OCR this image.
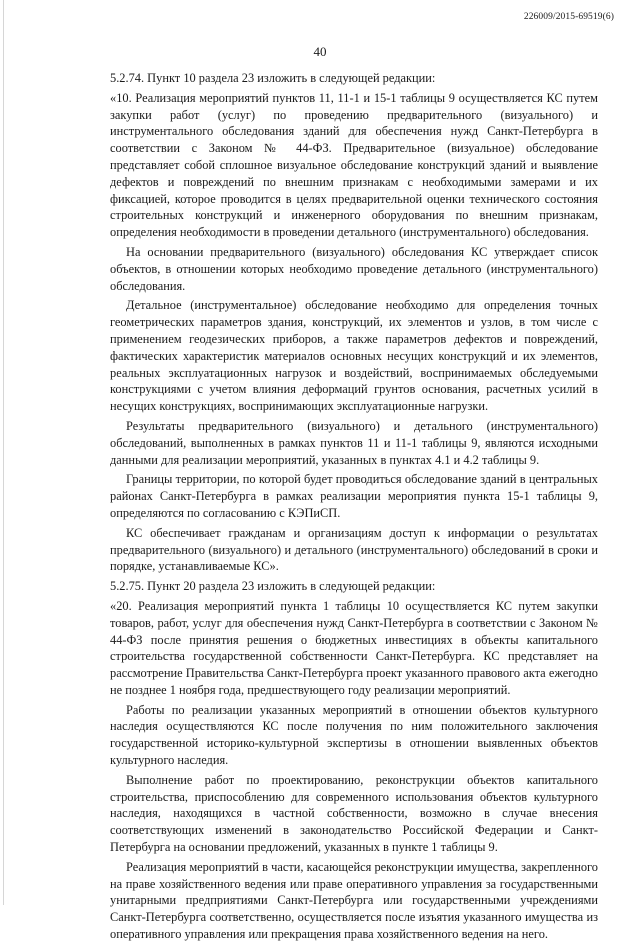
226009/2015-69519(6)
40

5.2.74. Пункт 10 раздела 23 изложить в следующей редакции:

«10. Реализация мероприятий пунктов 11, 11-1 и 15-1 таблицы 9 осуществляется КС путем закупки работ (услуг) по проведению предварительного (визуального) и инструментального обследования зданий для обеспечения нужд Санкт-Петербурга в соответствии с Законом № 44-ФЗ. Предварительное (визуальное) обследование представляет собой сплошное визуальное обследование конструкций зданий и выявление дефектов и повреждений по внешним признакам с необходимыми замерами и их фиксацией, которое проводится в целях предварительной оценки технического состояния строительных конструкций и инженерного оборудования по внешним признакам, определения необходимости в проведении детального (инструментального) обследования.

На основании предварительного (визуального) обследования КС утверждает список объектов, в отношении которых необходимо проведение детального (инструментального) обследования.

Детальное (инструментальное) обследование необходимо для определения точных геометрических параметров здания, конструкций, их элементов и узлов, в том числе с применением геодезических приборов, а также параметров дефектов и повреждений, фактических характеристик материалов основных несущих конструкций и их элементов, реальных эксплуатационных нагрузок и воздействий, воспринимаемых обследуемыми конструкциями с учетом влияния деформаций грунтов основания, расчетных усилий в несущих конструкциях, воспринимающих эксплуатационные нагрузки.

Результаты предварительного (визуального) и детального (инструментального) обследований, выполненных в рамках пунктов 11 и 11-1 таблицы 9, являются исходными данными для реализации мероприятий, указанных в пунктах 4.1 и 4.2 таблицы 9.

Границы территории, по которой будет проводиться обследование зданий в центральных районах Санкт-Петербурга в рамках реализации мероприятия пункта 15-1 таблицы 9, определяются по согласованию с КЭПиСП.

КС обеспечивает гражданам и организациям доступ к информации о результатах предварительного (визуального) и детального (инструментального) обследований в сроки и порядке, устанавливаемые КС».

5.2.75. Пункт 20 раздела 23 изложить в следующей редакции:

«20. Реализация мероприятий пункта 1 таблицы 10 осуществляется КС путем закупки товаров, работ, услуг для обеспечения нужд Санкт-Петербурга в соответствии с Законом № 44-ФЗ после принятия решения о бюджетных инвестициях в объекты капитального строительства государственной собственности Санкт-Петербурга. КС представляет на рассмотрение Правительства Санкт-Петербурга проект указанного правового акта ежегодно не позднее 1 ноября года, предшествующего году реализации мероприятий.

Работы по реализации указанных мероприятий в отношении объектов культурного наследия осуществляются КС после получения по ним положительного заключения государственной историко-культурной экспертизы в отношении выявленных объектов культурного наследия.

Выполнение работ по проектированию, реконструкции объектов капитального строительства, приспособлению для современного использования объектов культурного наследия, находящихся в частной собственности, возможно в случае внесения соответствующих изменений в законодательство Российской Федерации и Санкт-Петербурга на основании предложений, указанных в пункте 1 таблицы 9.

Реализация мероприятий в части, касающейся реконструкции имущества, закрепленного на праве хозяйственного ведения или праве оперативного управления за государственными унитарными предприятиями Санкт-Петербурга или государственными учреждениями Санкт-Петербурга соответственно, осуществляется после изъятия указанного имущества из оперативного управления или прекращения права хозяйственного ведения на него.
